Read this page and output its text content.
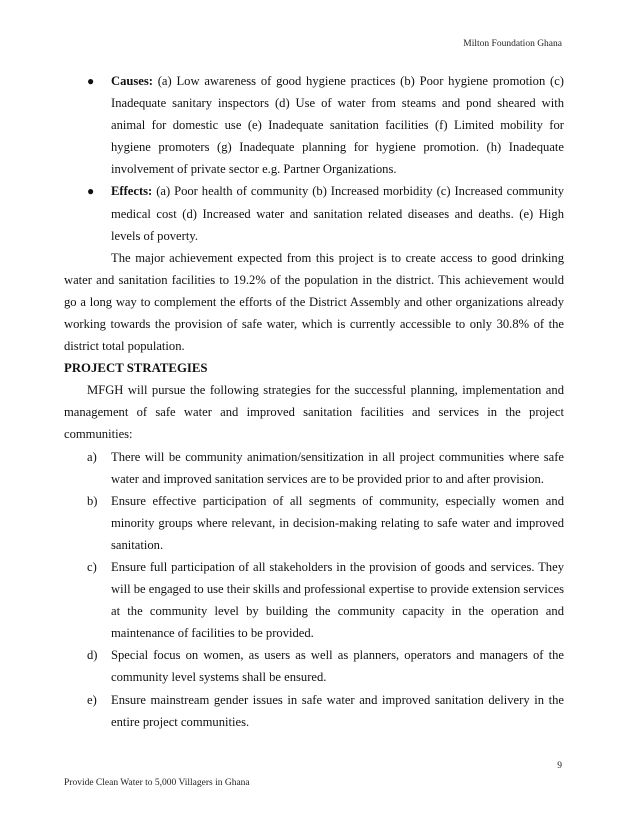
Milton Foundation Ghana
● Causes: (a) Low awareness of good hygiene practices (b) Poor hygiene promotion (c) Inadequate sanitary inspectors (d) Use of water from steams and pond sheared with animal for domestic use (e) Inadequate sanitation facilities (f) Limited mobility for hygiene promoters (g) Inadequate planning for hygiene promotion. (h) Inadequate involvement of private sector e.g. Partner Organizations.
● Effects: (a) Poor health of community (b) Increased morbidity (c) Increased community medical cost (d) Increased water and sanitation related diseases and deaths. (e) High levels of poverty.

The major achievement expected from this project is to create access to good drinking water and sanitation facilities to 19.2% of the population in the district. This achievement would go a long way to complement the efforts of the District Assembly and other organizations already working towards the provision of safe water, which is currently accessible to only 30.8% of the district total population.

PROJECT STRATEGIES

MFGH will pursue the following strategies for the successful planning, implementation and management of safe water and improved sanitation facilities and services in the project communities:

a) There will be community animation/sensitization in all project communities where safe water and improved sanitation services are to be provided prior to and after provision.
b) Ensure effective participation of all segments of community, especially women and minority groups where relevant, in decision-making relating to safe water and improved sanitation.
c) Ensure full participation of all stakeholders in the provision of goods and services. They will be engaged to use their skills and professional expertise to provide extension services at the community level by building the community capacity in the operation and maintenance of facilities to be provided.
d) Special focus on women, as users as well as planners, operators and managers of the community level systems shall be ensured.
e) Ensure mainstream gender issues in safe water and improved sanitation delivery in the entire project communities.
9
Provide Clean Water to 5,000 Villagers in Ghana
